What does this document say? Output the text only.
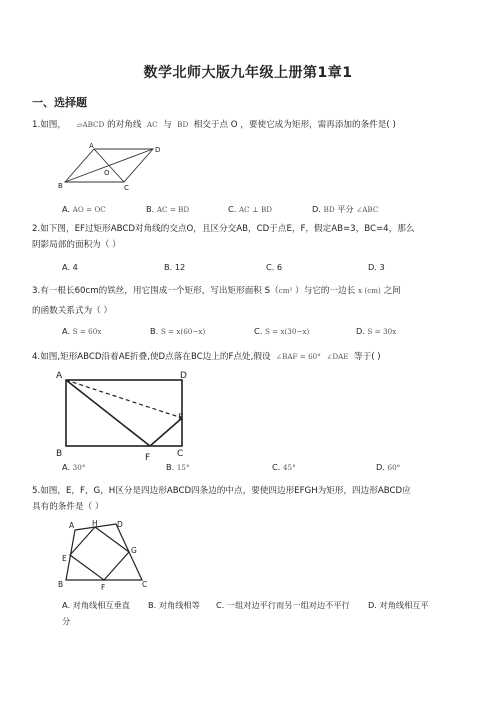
数学北师大版九年级上册第1章1
一、选择题
1.如图， ▱ABCD 的对角线 AC 与 BD 相交于点 O ，要使它成为矩形，需再添加的条件是( )
A	D
B	C
O
A. AO = OC	B. AC = BD	C. AC ⊥ BD	D. BD 平分 ∠ABC
2.如下图，EF过矩形ABCD对角线的交点O，且区分交AB，CD于点E，F，假定AB=3，BC=4，那么
阴影局部的面积为（ ）
A. 4	B. 12	C. 6	D. 3
3.有一根长60cm的铁丝，用它围成一个矩形，写出矩形面积 S（cm² ）与它的一边长 x (cm) 之间
的函数关系式为（ ）
A. S = 60x	B. S = x(60−x)	C. S = x(30−x)	D. S = 30x
4.如图,矩形ABCD沿着AE折叠,使D点落在BC边上的F点处,假设 ∠BAF = 60° ∠DAE 等于( )
A	D
B	C
E
F
A. 30°	B. 15°	C. 45°	D. 60°
5.如图，E，F，G，H区分是四边形ABCD四条边的中点，要使四边形EFGH为矩形，四边形ABCD应
具有的条件是（ ）
A	D
B	C
H
G
E
F
A. 对角线相互垂直 B. 对角线相等 C. 一组对边平行而另一组对边不平行 D. 对角线相互平
分
